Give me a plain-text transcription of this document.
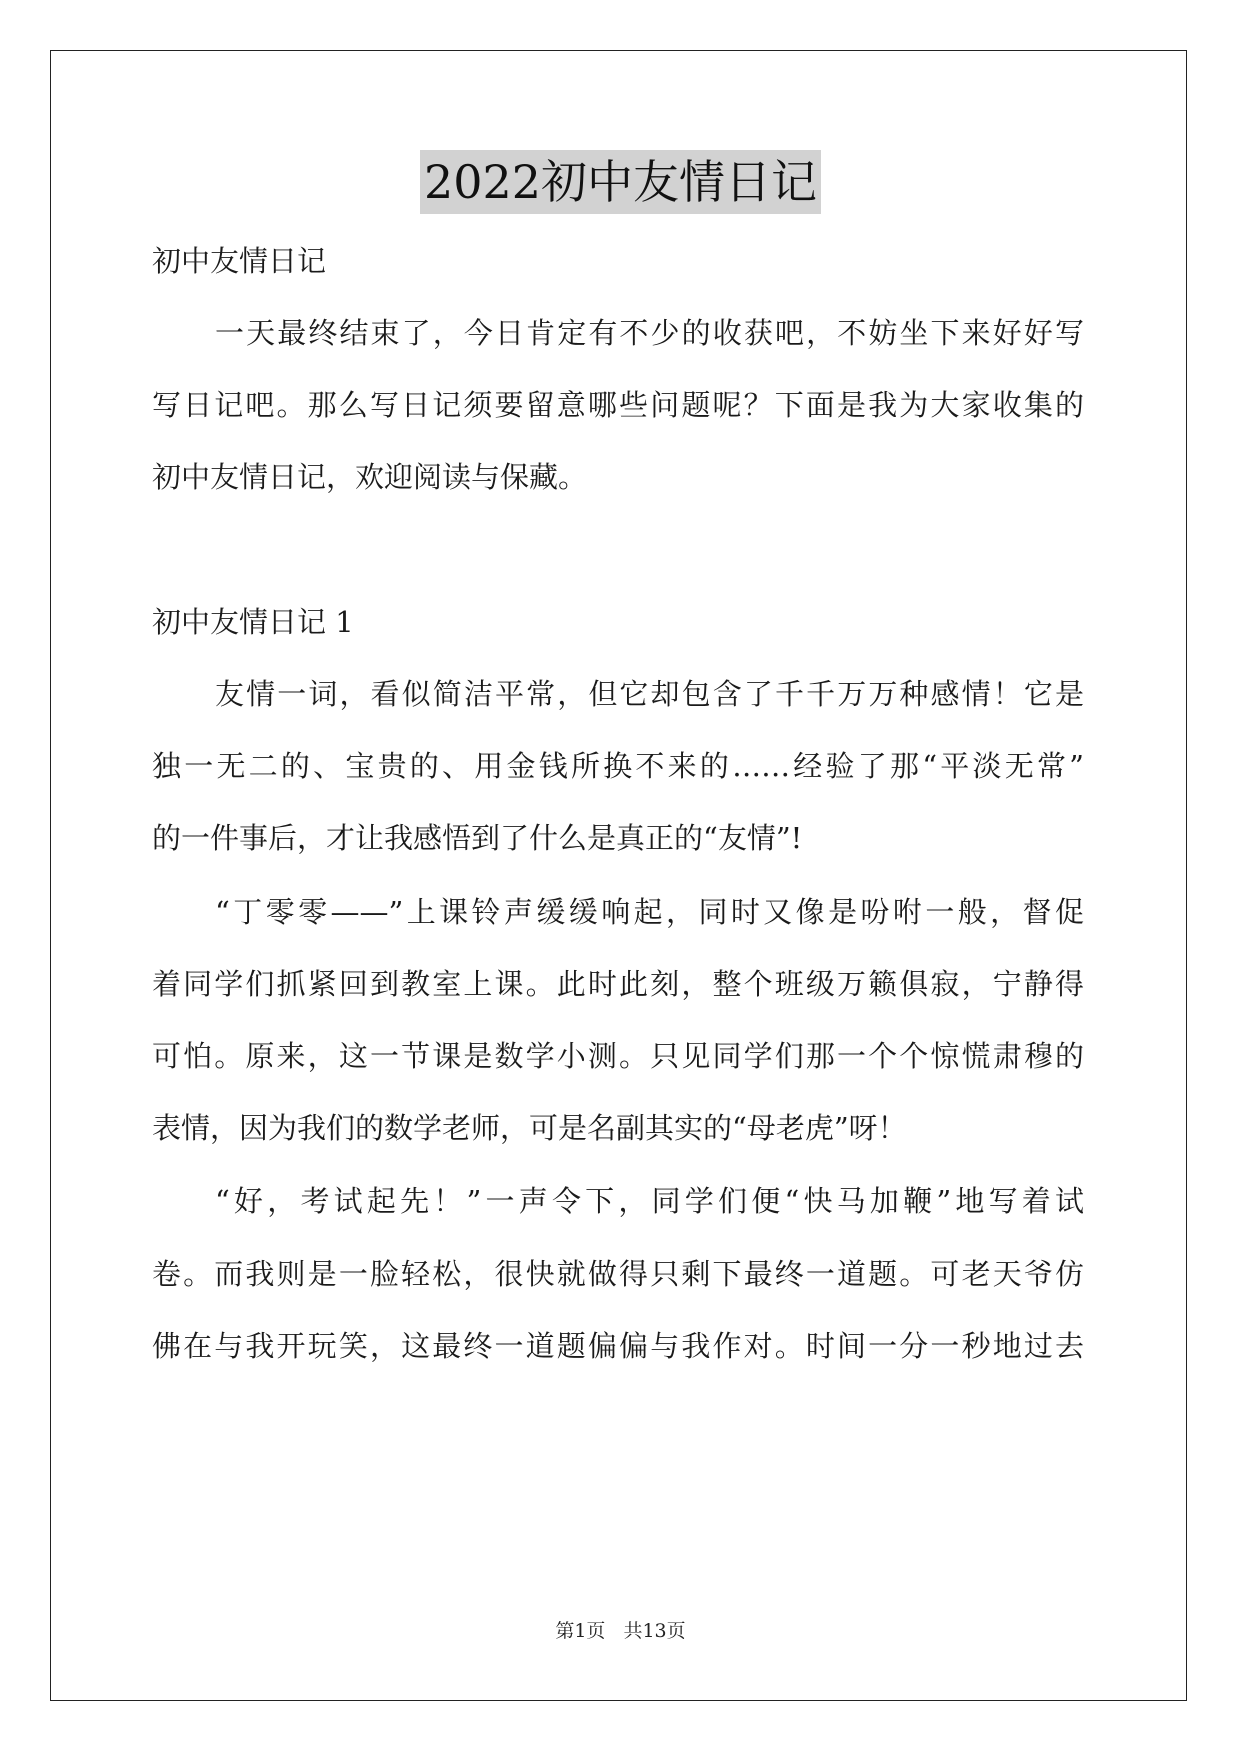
2022初中友情日记
初中友情日记
一天最终结束了，今日肯定有不少的收获吧，不妨坐下来好好写
写日记吧。那么写日记须要留意哪些问题呢？下面是我为大家收集的
初中友情日记，欢迎阅读与保藏。
初中友情日记 1
友情一词，看似简洁平常，但它却包含了千千万万种感情！它是
独一无二的、宝贵的、用金钱所换不来的……经验了那“平淡无常”
的一件事后，才让我感悟到了什么是真正的“友情”!
“丁零零——”上课铃声缓缓响起，同时又像是吩咐一般，督促
着同学们抓紧回到教室上课。此时此刻，整个班级万籁俱寂，宁静得
可怕。原来，这一节课是数学小测。只见同学们那一个个惊慌肃穆的
表情，因为我们的数学老师，可是名副其实的“母老虎”呀！
“好，考试起先！”一声令下，同学们便“快马加鞭”地写着试
卷。而我则是一脸轻松，很快就做得只剩下最终一道题。可老天爷仿
佛在与我开玩笑，这最终一道题偏偏与我作对。时间一分一秒地过去
第1页 共13页
